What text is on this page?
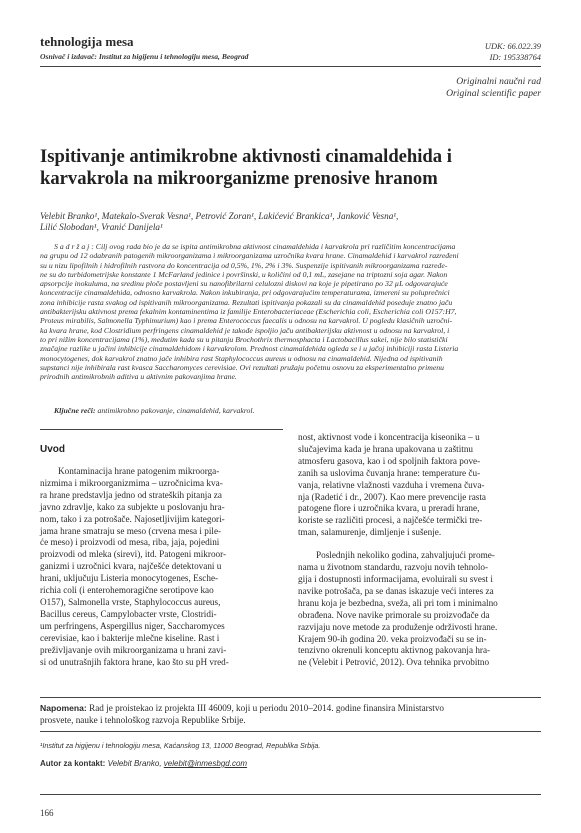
tehnologija mesa
Osnivač i izdavač: Institut za higijenu i tehnologiju mesa, Beograd
UDK: 66.022.39
ID: 195338764
Originalni naučni rad
Original scientific paper
Ispitivanje antimikrobne aktivnosti cinamaldehida i
karvakrola na mikroorganizme prenosive hranom
Velebit Branko¹, Matekalo-Sverak Vesna¹, Petrović Zoran¹, Lakićević Brankica¹, Janković Vesna¹,
Lilić Slobodan¹, Vranić Danijela¹
S a d r ž a j : Cilj ovog rada bio je da se ispita antimikrobna aktivnost cinamaldehida i karvakrola pri različitim koncentracijama
na grupu od 12 odabranih patogenih mikroorganizama i mikroorganizama uzročnika kvara hrane. Cinamaldehid i karvakrol razređeni
su u nizu lipofilnih i hidrofilnih rastvora do koncentracija od 0,5%, 1%, 2% i 3%. Suspenzije ispitivanih mikroorganizama razređe-
ne su do turbidometrijske konstante 1 McFarland jedinice i površinski, u količini od 0,1 mL, zasejane na triptozni soja agar. Nakon
apsorpcije inokuluma, na sredinu ploče postavljeni su nanofibrilarni celulozni diskovi na koje je pipetirano po 32 µL odgovarajuće
koncentracije cinamaldehida, odnosno karvakrola. Nakon inkubiranja, pri odgovarajućim temperaturama, izmereni su poluprečnici
zona inhibicije rasta svakog od ispitivanih mikroorganizama. Rezultati ispitivanja pokazali su da cinamaldehid poseduje znatno jaču
antibakterijsku aktivnost prema fekalnim kontaminentima iz familije Enterobacteriaceae (Escherichia coli, Escherichia coli O157:H7,
Proteus mirabilis, Salmonella Typhimurium) kao i prema Enterococcus faecalis u odnosu na karvakrol. U pogledu klasičnih uzročni-
ka kvara hrane, kod Clostridium perfringens cinamaldehid je takođe ispoljio jaču antibakterijsku aktivnost u odnosu na karvakrol, i
to pri nižim koncentracijama (1%), međutim kada su u pitanju Brochothrix thermosphacta i Lactobacillus sakei, nije bilo statistički
značajne razlike u jačini inhibicije cinamaldehidom i karvakrolom. Prednost cinamaldehida ogleda se i u jačoj inhibiciji rasta Listeria
monocytogenes, dok karvakrol znatno jače inhibira rast Staphylococcus aureus u odnosu na cinamaldehid. Nijedna od ispitivanih
supstanci nije inhibirala rast kvasca Saccharomyces cerevisiae. Ovi rezultati pružaju početnu osnovu za eksperimentalno primenu
prirodnih antimikrobnih aditiva u aktivnim pakovanjima hrane.
Ključne reči: antimikrobno pakovanje, cinamaldehid, karvakrol.
Uvod

Kontaminacija hrane patogenim mikroorga-

nizmima i mikroorganizmima – uzročnicima kva-

ra hrane predstavlja jedno od strateških pitanja za

javno zdravlje, kako za subjekte u poslovanju hra-

nom, tako i za potrošače. Najosetljivijim kategori-

jama hrane smatraju se meso (crvena mesa i pile-

će meso) i proizvodi od mesa, riba, jaja, pojedini

proizvodi od mleka (sirevi), itd. Patogeni mikroor-

ganizmi i uzročnici kvara, najčešće detektovani u

hrani, uključuju Listeria monocytogenes, Esche-

richia coli (i enterohemoragične serotipove kao

O157), Salmonella vrste, Staphylococcus aureus,

Bacillus cereus, Campylobacter vrste, Clostridi-

um perfringens, Aspergillus niger, Saccharomyces

cerevisiae, kao i bakterije mlečne kiseline. Rast i

preživljavanje ovih mikroorganizama u hrani zavi-

si od unutrašnjih faktora hrane, kao što su pH vred-

nost, aktivnost vode i koncentracija kiseonika – u

slučajevima kada je hrana upakovana u zaštitnu

atmosferu gasova, kao i od spoljnih faktora pove-

zanih sa uslovima čuvanja hrane: temperature ču-

vanja, relativne vlažnosti vazduha i vremena čuva-

nja (Radetić i dr., 2007). Kao mere prevencije rasta

patogene flore i uzročnika kvara, u preradi hrane,

koriste se različiti procesi, a najčešće termički tre-

tman, salamurenje, dimljenje i sušenje.

Poslednjih nekoliko godina, zahvaljujući prome-

nama u životnom standardu, razvoju novih tehnolo-

gija i dostupnosti informacijama, evoluirali su svest i

navike potrošača, pa se danas iskazuje veći interes za

hranu koja je bezbedna, sveža, ali pri tom i minimalno

obrađena. Nove navike primorale su proizvođače da

razvijaju nove metode za produženje održivosti hrane.

Krajem 90-ih godina 20. veka proizvođači su se in-

tenzivno okrenuli konceptu aktivnog pakovanja hra-

ne (Velebit i Petrović, 2012). Ova tehnika prvobitno

Napomena: Rad je proistekao iz projekta III 46009, koji u periodu 2010–2014. godine finansira Ministarstvo
prosvete, nauke i tehnološkog razvoja Republike Srbije.
¹Institut za higijenu i tehnologiju mesa, Kaćanskog 13, 11000 Beograd, Republika Srbija.
Autor za kontakt: Velebit Branko, velebit@inmesbgd.com
166
